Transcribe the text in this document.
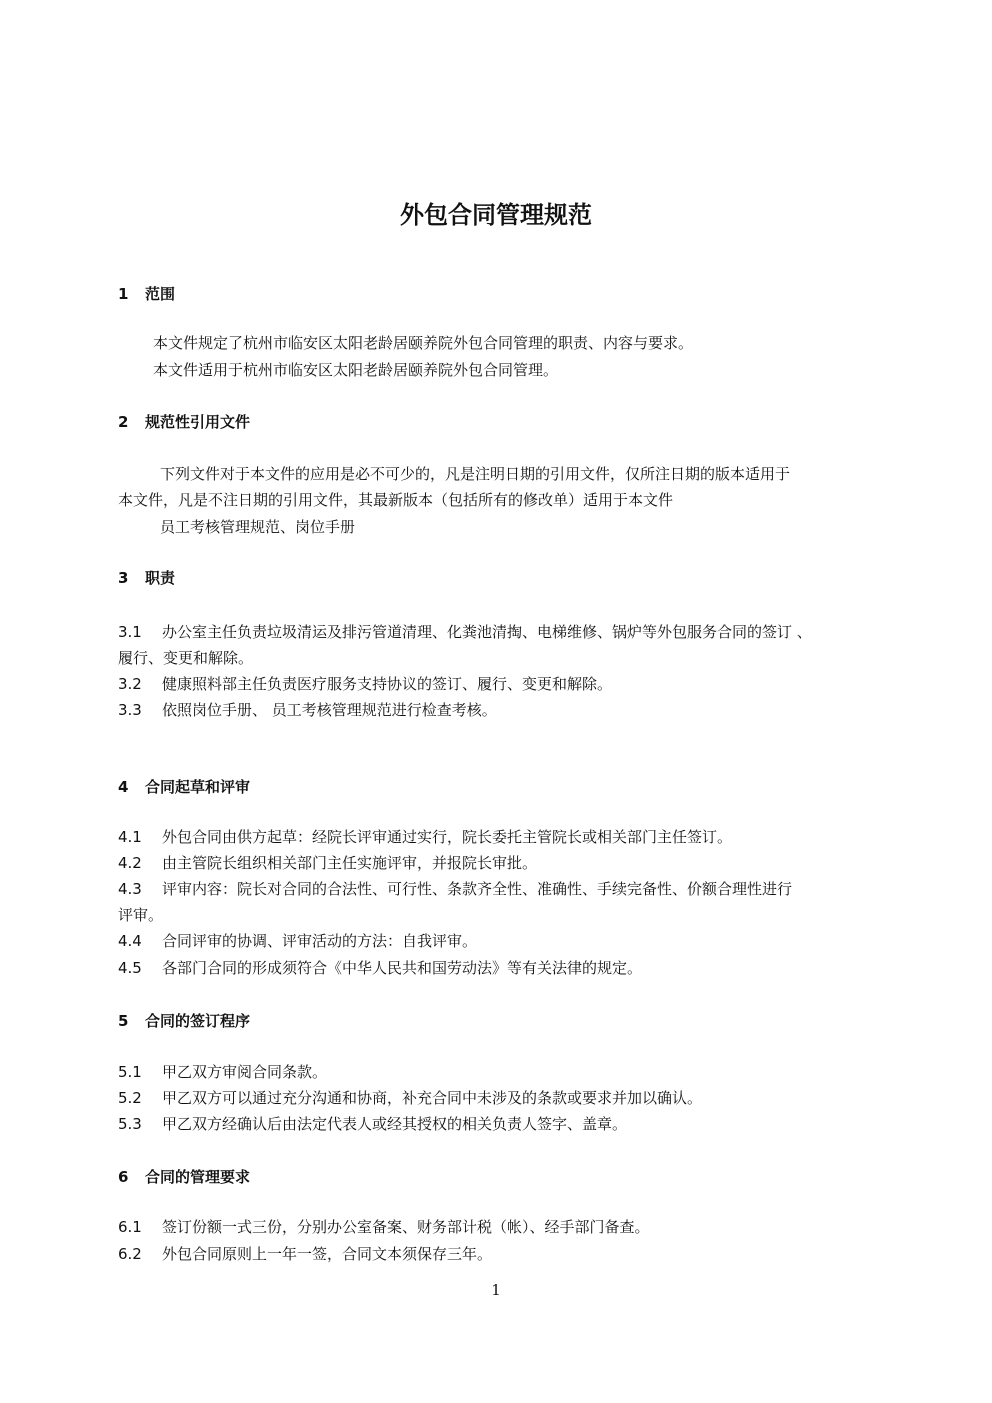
外包合同管理规范
1 范围
本文件规定了杭州市临安区太阳老龄居颐养院外包合同管理的职责、内容与要求。
本文件适用于杭州市临安区太阳老龄居颐养院外包合同管理。
2 规范性引用文件
下列文件对于本文件的应用是必不可少的，凡是注明日期的引用文件，仅所注日期的版本适用于
本文件，凡是不注日期的引用文件，其最新版本（包括所有的修改单）适用于本文件
员工考核管理规范、岗位手册
3 职责
3.1 办公室主任负责垃圾清运及排污管道清理、化粪池清掏、电梯维修、锅炉等外包服务合同的签订 、
履行、变更和解除。
3.2 健康照料部主任负责医疗服务支持协议的签订、履行、变更和解除。
3.3 依照岗位手册、 员工考核管理规范进行检查考核。
4 合同起草和评审
4.1 外包合同由供方起草：经院长评审通过实行，院长委托主管院长或相关部门主任签订。
4.2 由主管院长组织相关部门主任实施评审，并报院长审批。
4.3 评审内容：院长对合同的合法性、可行性、条款齐全性、准确性、手续完备性、价额合理性进行
评审。
4.4 合同评审的协调、评审活动的方法：自我评审。
4.5 各部门合同的形成须符合《中华人民共和国劳动法》等有关法律的规定。
5 合同的签订程序
5.1 甲乙双方审阅合同条款。
5.2 甲乙双方可以通过充分沟通和协商，补充合同中未涉及的条款或要求并加以确认。
5.3 甲乙双方经确认后由法定代表人或经其授权的相关负责人签字、盖章。
6 合同的管理要求
6.1 签订份额一式三份，分别办公室备案、财务部计税（帐）、经手部门备查。
6.2 外包合同原则上一年一签，合同文本须保存三年。
1
